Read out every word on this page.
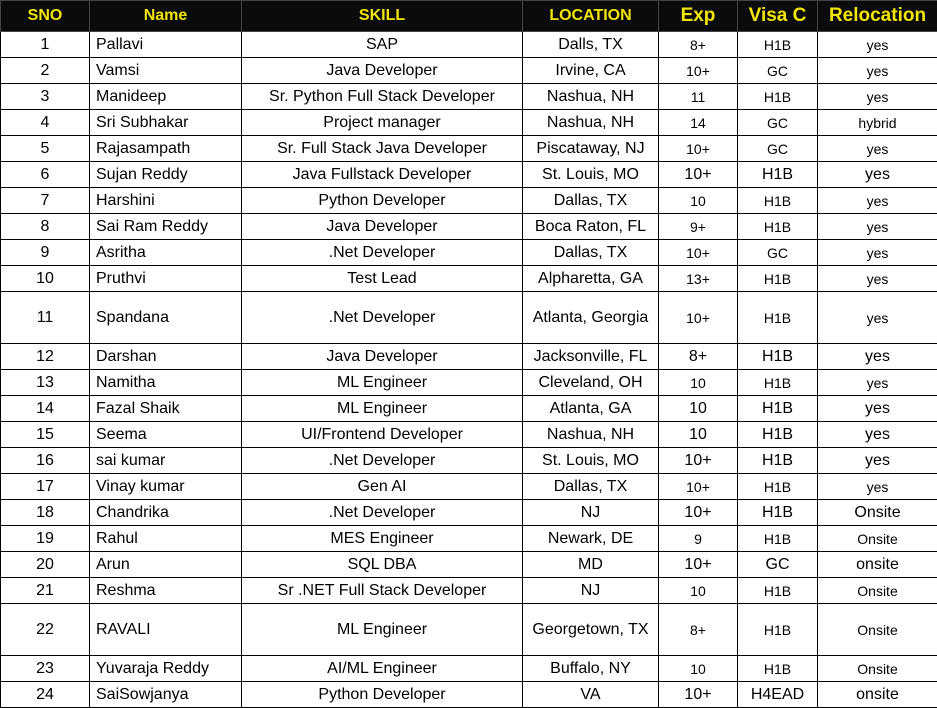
SNO	Name	SKILL	LOCATION	Exp	Visa C	Relocation
1	Pallavi	SAP	Dalls, TX	8+	H1B	yes
2	Vamsi	Java Developer	Irvine, CA	10+	GC	yes
3	Manideep	Sr. Python Full Stack Developer	Nashua, NH	11	H1B	yes
4	Sri Subhakar	Project manager	Nashua, NH	14	GC	hybrid
5	Rajasampath	Sr. Full Stack Java Developer	Piscataway, NJ	10+	GC	yes
6	Sujan Reddy	Java Fullstack Developer	St. Louis, MO	10+	H1B	yes
7	Harshini	Python Developer	Dallas, TX	10	H1B	yes
8	Sai Ram Reddy	Java Developer	Boca Raton, FL	9+	H1B	yes
9	Asritha	.Net Developer	Dallas, TX	10+	GC	yes
10	Pruthvi	Test Lead	Alpharetta, GA	13+	H1B	yes
11	Spandana	.Net Developer	Atlanta, Georgia	10+	H1B	yes
12	Darshan	Java Developer	Jacksonville, FL	8+	H1B	yes
13	Namitha	ML Engineer	Cleveland, OH	10	H1B	yes
14	Fazal Shaik	ML Engineer	Atlanta, GA	10	H1B	yes
15	Seema	UI/Frontend Developer	Nashua, NH	10	H1B	yes
16	sai kumar	.Net Developer	St. Louis, MO	10+	H1B	yes
17	Vinay kumar	Gen AI	Dallas, TX	10+	H1B	yes
18	Chandrika	.Net Developer	NJ	10+	H1B	Onsite
19	Rahul	MES Engineer	Newark, DE	9	H1B	Onsite
20	Arun	SQL DBA	MD	10+	GC	onsite
21	Reshma	Sr .NET Full Stack Developer	NJ	10	H1B	Onsite
22	RAVALI	ML Engineer	Georgetown, TX	8+	H1B	Onsite
23	Yuvaraja Reddy	AI/ML Engineer	Buffalo, NY	10	H1B	Onsite
24	SaiSowjanya	Python Developer	VA	10+	H4EAD	onsite
